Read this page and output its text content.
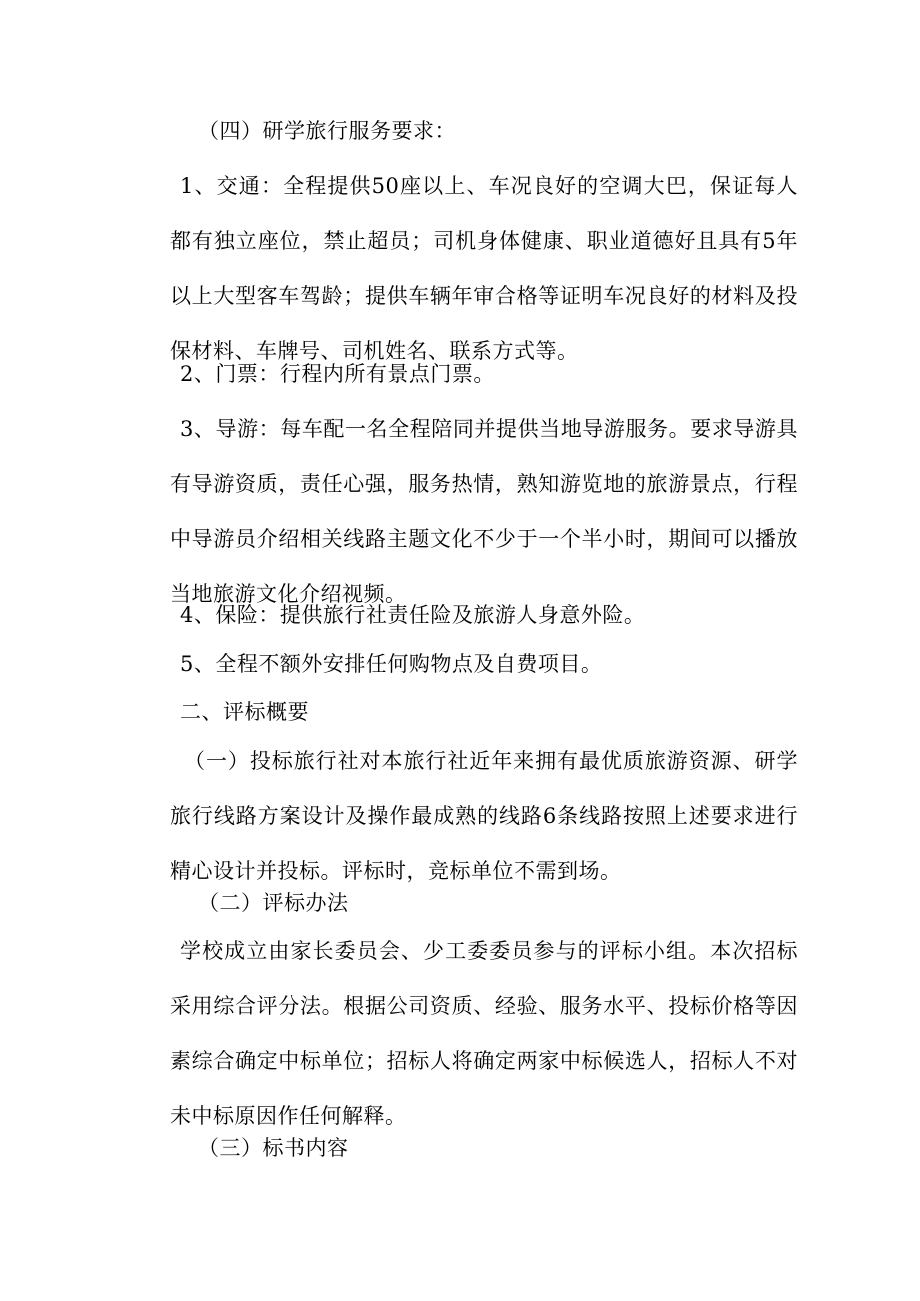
（四）研学旅行服务要求：

1、交通：全程提供50座以上、车况良好的空调大巴，保证每人都有独立座位，禁止超员；司机身体健康、职业道德好且具有5年以上大型客车驾龄；提供车辆年审合格等证明车况良好的材料及投保材料、车牌号、司机姓名、联系方式等。

2、门票：行程内所有景点门票。

3、导游：每车配一名全程陪同并提供当地导游服务。要求导游具有导游资质，责任心强，服务热情，熟知游览地的旅游景点，行程中导游员介绍相关线路主题文化不少于一个半小时，期间可以播放当地旅游文化介绍视频。

4、保险：提供旅行社责任险及旅游人身意外险。

5、全程不额外安排任何购物点及自费项目。

二、评标概要

（一）投标旅行社对本旅行社近年来拥有最优质旅游资源、研学旅行线路方案设计及操作最成熟的线路6条线路按照上述要求进行精心设计并投标。评标时，竞标单位不需到场。

（二）评标办法

学校成立由家长委员会、少工委委员参与的评标小组。本次招标采用综合评分法。根据公司资质、经验、服务水平、投标价格等因素综合确定中标单位；招标人将确定两家中标候选人，招标人不对未中标原因作任何解释。

（三）标书内容
